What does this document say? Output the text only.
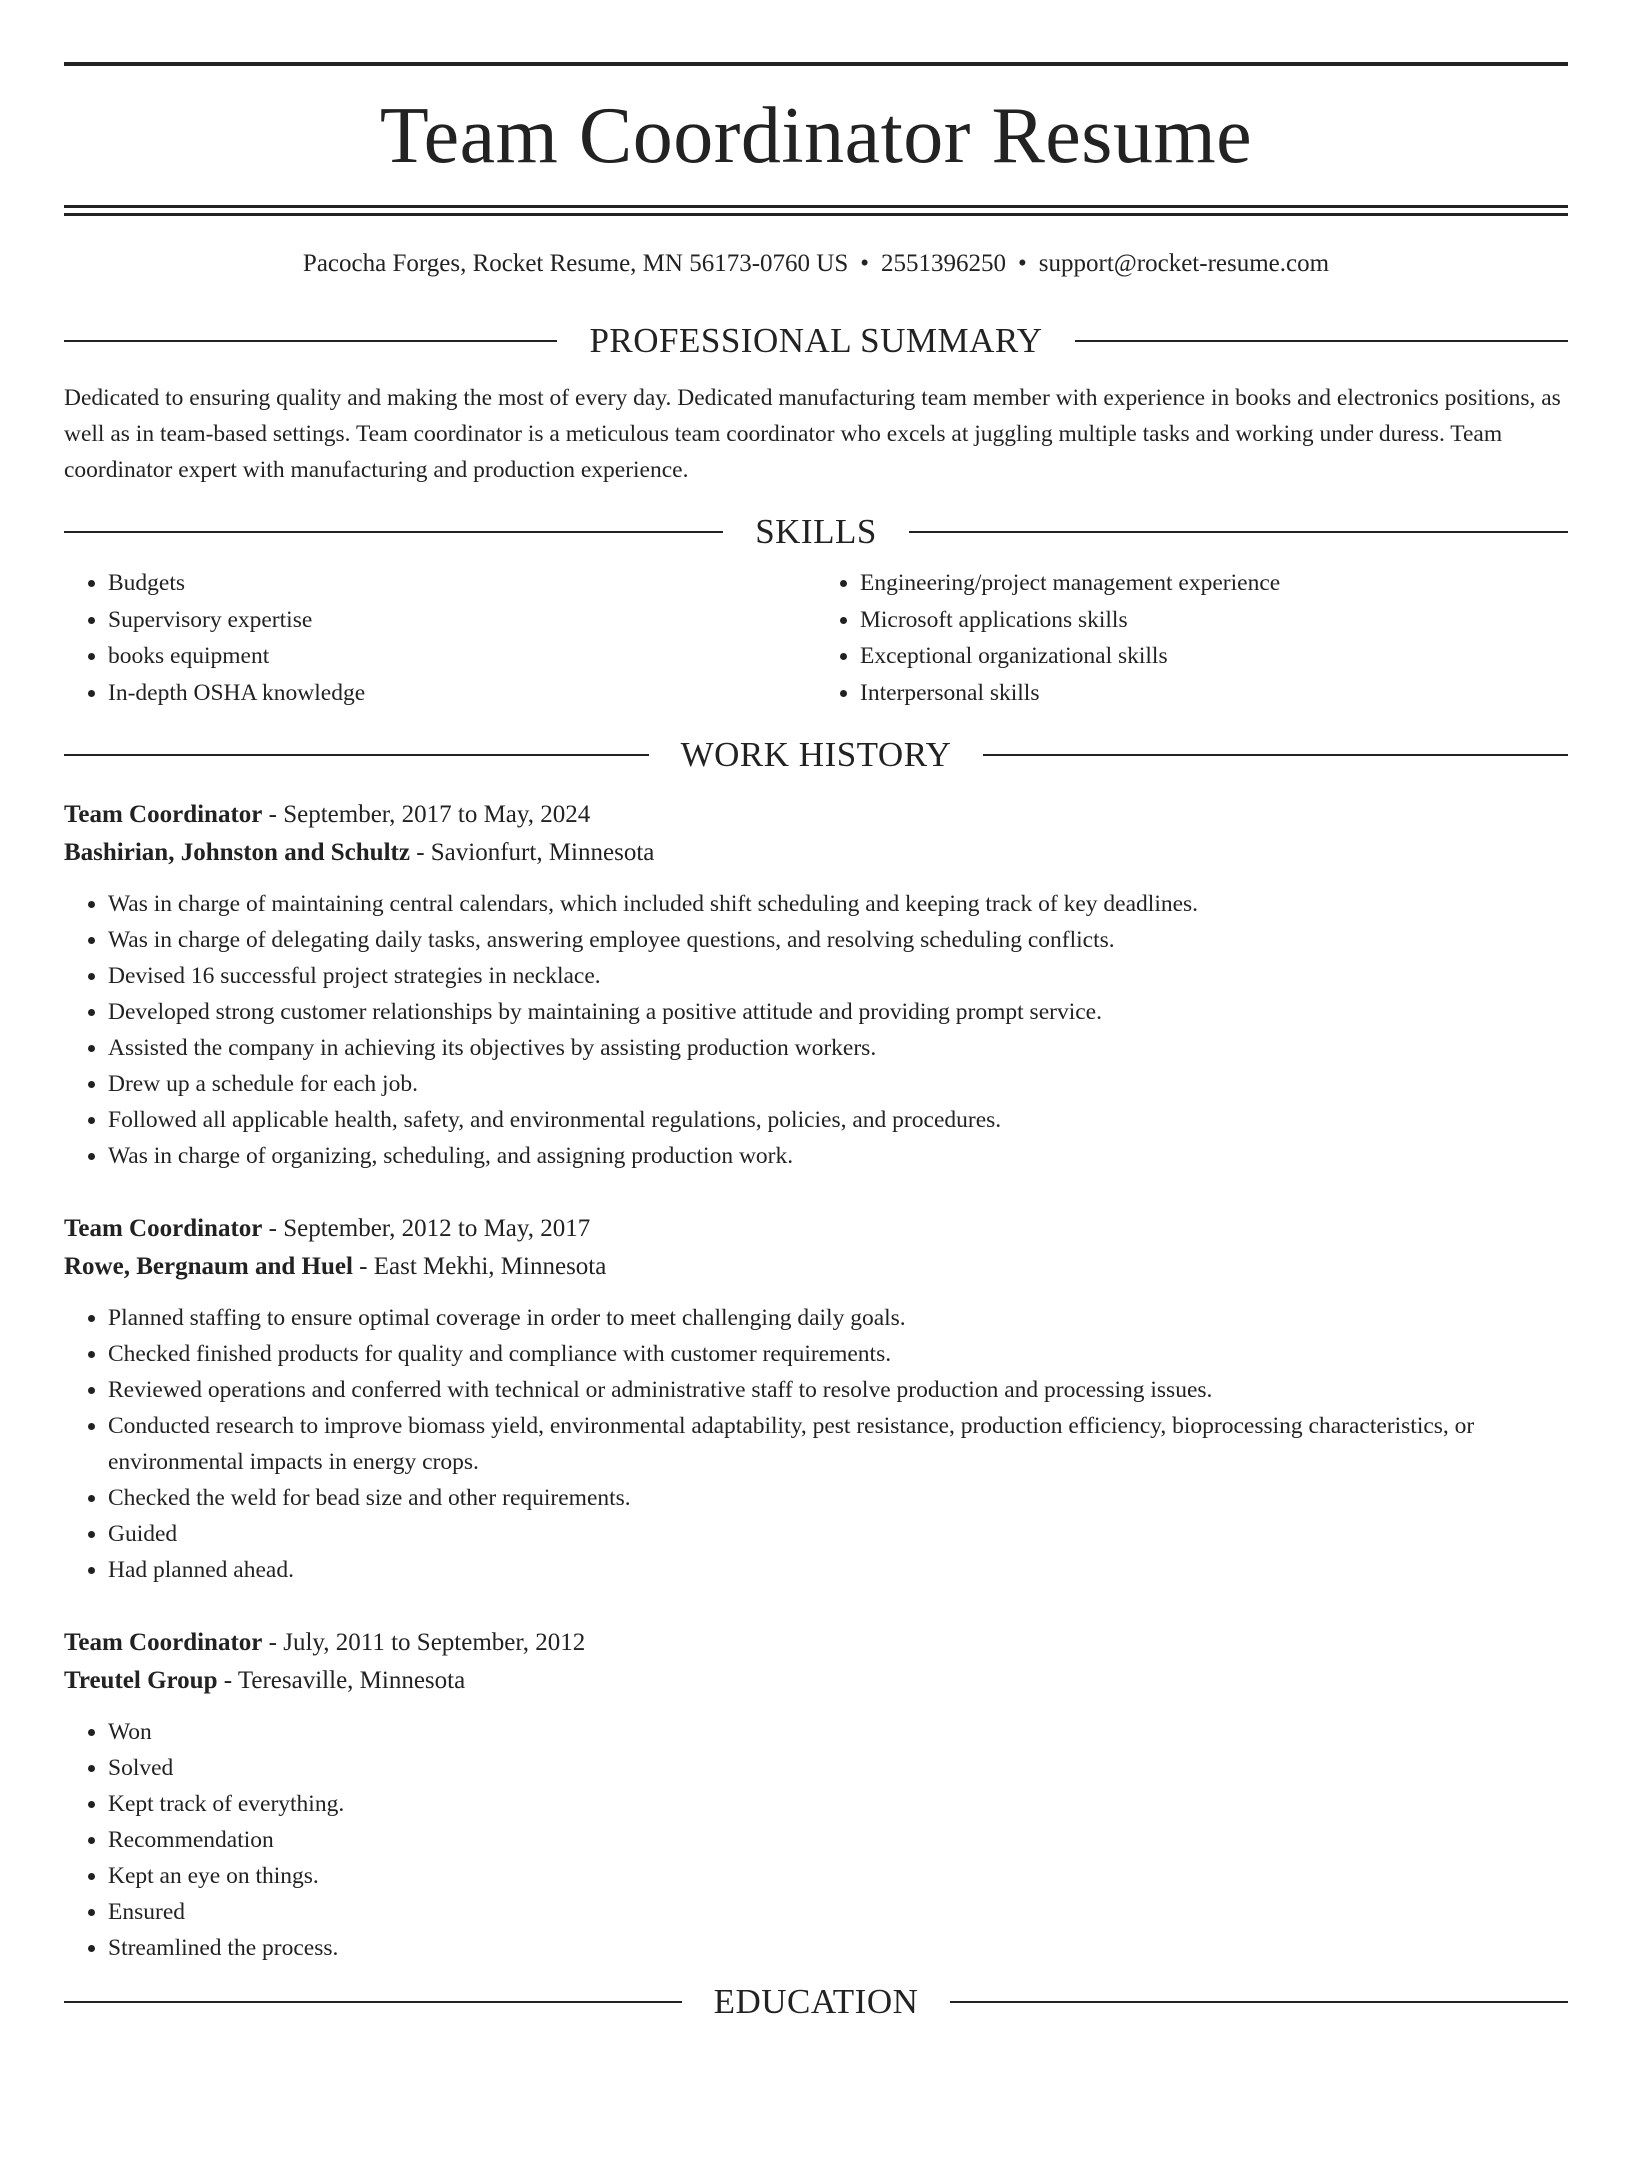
Team Coordinator Resume
Pacocha Forges, Rocket Resume, MN 56173-0760 US • 2551396250 • support@rocket-resume.com
PROFESSIONAL SUMMARY

Dedicated to ensuring quality and making the most of every day. Dedicated manufacturing team member with experience in books and electronics positions, as well as in team-based settings. Team coordinator is a meticulous team coordinator who excels at juggling multiple tasks and working under duress. Team coordinator expert with manufacturing and production experience.

SKILLS
• Budgets
• Supervisory expertise
• books equipment
• In-depth OSHA knowledge
• Engineering/project management experience
• Microsoft applications skills
• Exceptional organizational skills
• Interpersonal skills
WORK HISTORY
Team Coordinator - September, 2017 to May, 2024
Bashirian, Johnston and Schultz - Savionfurt, Minnesota
• Was in charge of maintaining central calendars, which included shift scheduling and keeping track of key deadlines.
• Was in charge of delegating daily tasks, answering employee questions, and resolving scheduling conflicts.
• Devised 16 successful project strategies in necklace.
• Developed strong customer relationships by maintaining a positive attitude and providing prompt service.
• Assisted the company in achieving its objectives by assisting production workers.
• Drew up a schedule for each job.
• Followed all applicable health, safety, and environmental regulations, policies, and procedures.
• Was in charge of organizing, scheduling, and assigning production work.
Team Coordinator - September, 2012 to May, 2017
Rowe, Bergnaum and Huel - East Mekhi, Minnesota
• Planned staffing to ensure optimal coverage in order to meet challenging daily goals.
• Checked finished products for quality and compliance with customer requirements.
• Reviewed operations and conferred with technical or administrative staff to resolve production and processing issues.
• Conducted research to improve biomass yield, environmental adaptability, pest resistance, production efficiency, bioprocessing characteristics, or environmental impacts in energy crops.
• Checked the weld for bead size and other requirements.
• Guided
• Had planned ahead.
Team Coordinator - July, 2011 to September, 2012
Treutel Group - Teresaville, Minnesota
• Won
• Solved
• Kept track of everything.
• Recommendation
• Kept an eye on things.
• Ensured
• Streamlined the process.
EDUCATION
